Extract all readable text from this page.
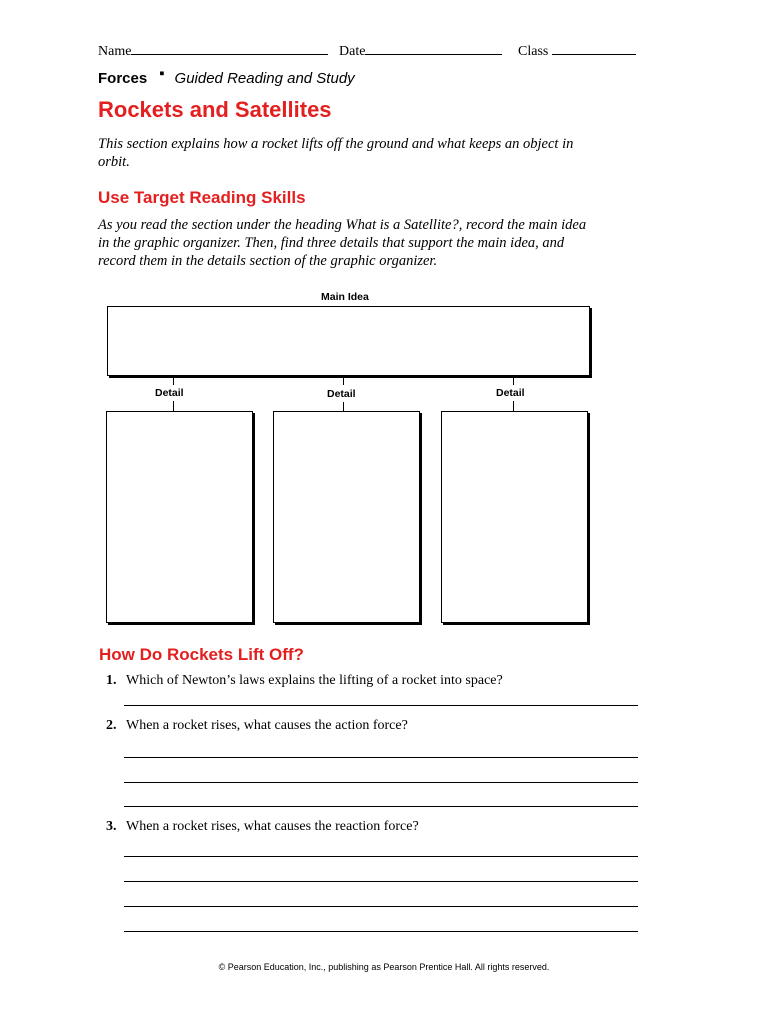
Name	Date	Class
Forces ▪ Guided Reading and Study
Rockets and Satellites
This section explains how a rocket lifts off the ground and what keeps an object in orbit.
Use Target Reading Skills
As you read the section under the heading What is a Satellite?, record the main idea in the graphic organizer. Then, find three details that support the main idea, and record them in the details section of the graphic organizer.
Main Idea
Detail	Detail	Detail
How Do Rockets Lift Off?
1. Which of Newton’s laws explains the lifting of a rocket into space?
2. When a rocket rises, what causes the action force?
3. When a rocket rises, what causes the reaction force?
© Pearson Education, Inc., publishing as Pearson Prentice Hall. All rights reserved.
